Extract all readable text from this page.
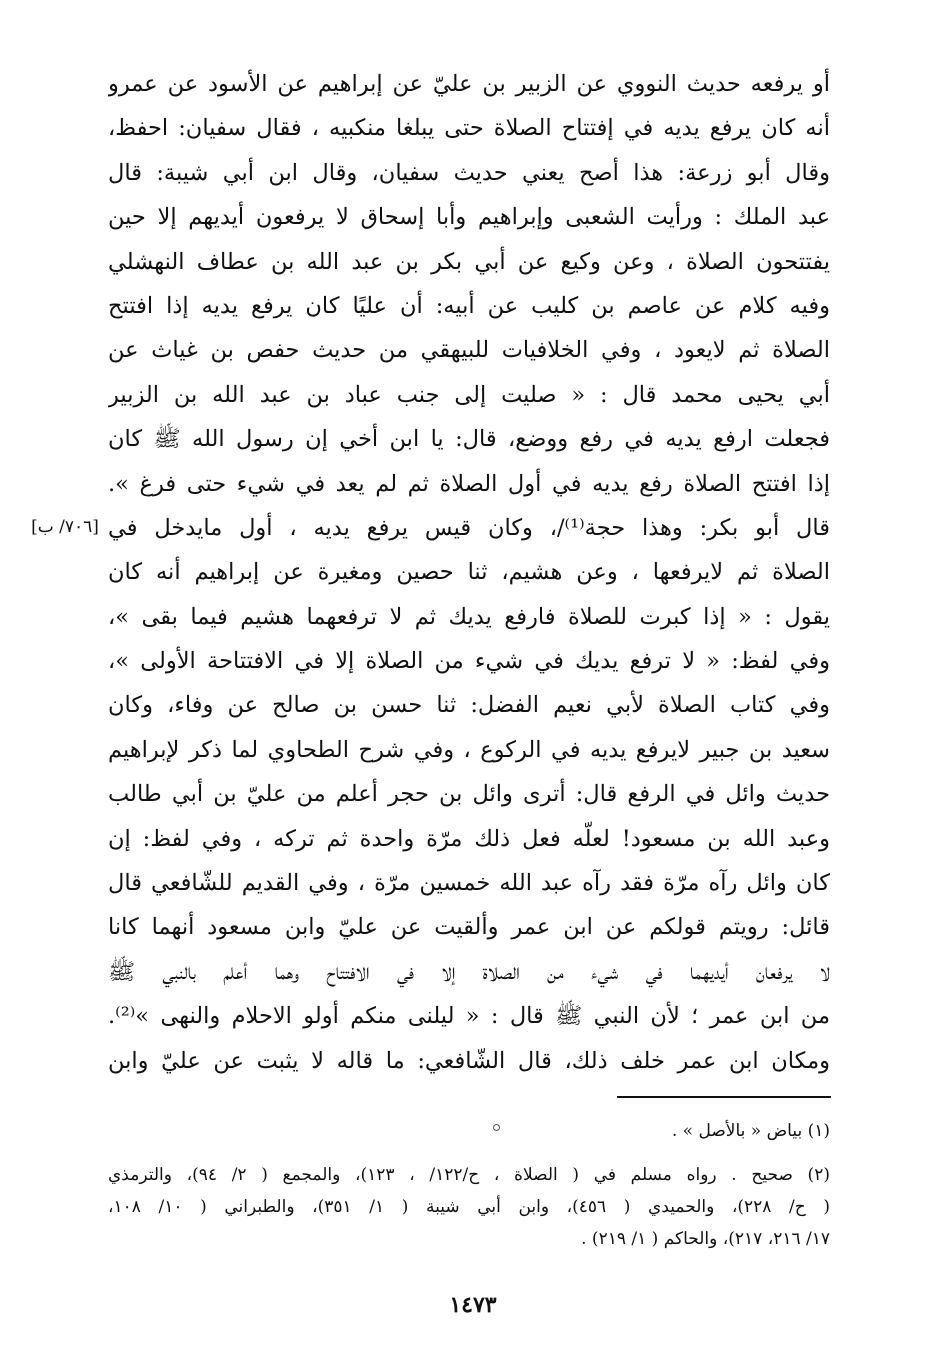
أو يرفعه حديث النووي عن الزبير بن عليّ عن إبراهيم عن الأسود عن عمرو
أنه كان يرفع يديه في إفتتاح الصلاة حتى يبلغا منكبيه ، فقال سفيان: احفظ،
وقال أبو زرعة: هذا أصح يعني حديث سفيان، وقال ابن أبي شيبة: قال
عبد الملك : ورأيت الشعبى وإبراهيم وأبا إسحاق لا يرفعون أيديهم إلا حين
يفتتحون الصلاة ، وعن وكيع عن أبي بكر بن عبد الله بن عطاف النهشلي
وفيه كلام عن عاصم بن كليب عن أبيه: أن عليًا كان يرفع يديه إذا افتتح
الصلاة ثم لايعود ، وفي الخلافيات للبيهقي من حديث حفص بن غياث عن
أبي يحيى محمد قال : « صليت إلى جنب عباد بن عبد الله بن الزبير
فجعلت ارفع يديه في رفع ووضع، قال: يا ابن أخي إن رسول الله ﷺ كان
إذا افتتح الصلاة رفع يديه في أول الصلاة ثم لم يعد في شيء حتى فرغ ».
قال أبو بكر: وهذا حجة⁽¹⁾/، وكان قيس يرفع يديه ، أول مايدخل في
الصلاة ثم لايرفعها ، وعن هشيم، ثنا حصين ومغيرة عن إبراهيم أنه كان
يقول : « إذا كبرت للصلاة فارفع يديك ثم لا ترفعهما هشيم فيما بقى »،
وفي لفظ: « لا ترفع يديك في شيء من الصلاة إلا في الافتتاحة الأولى »،
وفي كتاب الصلاة لأبي نعيم الفضل: ثنا حسن بن صالح عن وفاء، وكان
سعيد بن جبير لايرفع يديه في الركوع ، وفي شرح الطحاوي لما ذكر لإبراهيم
حديث وائل في الرفع قال: أترى وائل بن حجر أعلم من عليّ بن أبي طالب
وعبد الله بن مسعود! لعلّه فعل ذلك مرّة واحدة ثم تركه ، وفي لفظ: إن
كان وائل رآه مرّة فقد رآه عبد الله خمسين مرّة ، وفي القديم للشّافعي قال
قائل: رويتم قولكم عن ابن عمر وألقيت عن عليّ وابن مسعود أنهما كانا
لا يرفعان أيديهما في شيء من الصلاة إلا في الافتتاح وهما أعلم بالنبي ﷺ
من ابن عمر ؛ لأن النبي ﷺ قال : « ليلنى منكم أولو الاحلام والنهى »⁽²⁾.
ومكان ابن عمر خلف ذلك، قال الشّافعي: ما قاله لا يثبت عن عليّ وابن
[٧٠٦/ ب]
(١) بياض « بالأصل » .
(٢) صحيح . رواه مسلم في ( الصلاة ، ح/١٢٢/ ، ١٢٣)، والمجمع ( ٢/ ٩٤)، والترمذي
( ح/ ٢٢٨)، والحميدي ( ٤٥٦)، وابن أبي شيبة ( ١/ ٣٥١)، والطبراني ( ١٠/ ١٠٨،
١٧/ ٢١٦، ٢١٧)، والحاكم ( ١/ ٢١٩) .
١٤٧٣
